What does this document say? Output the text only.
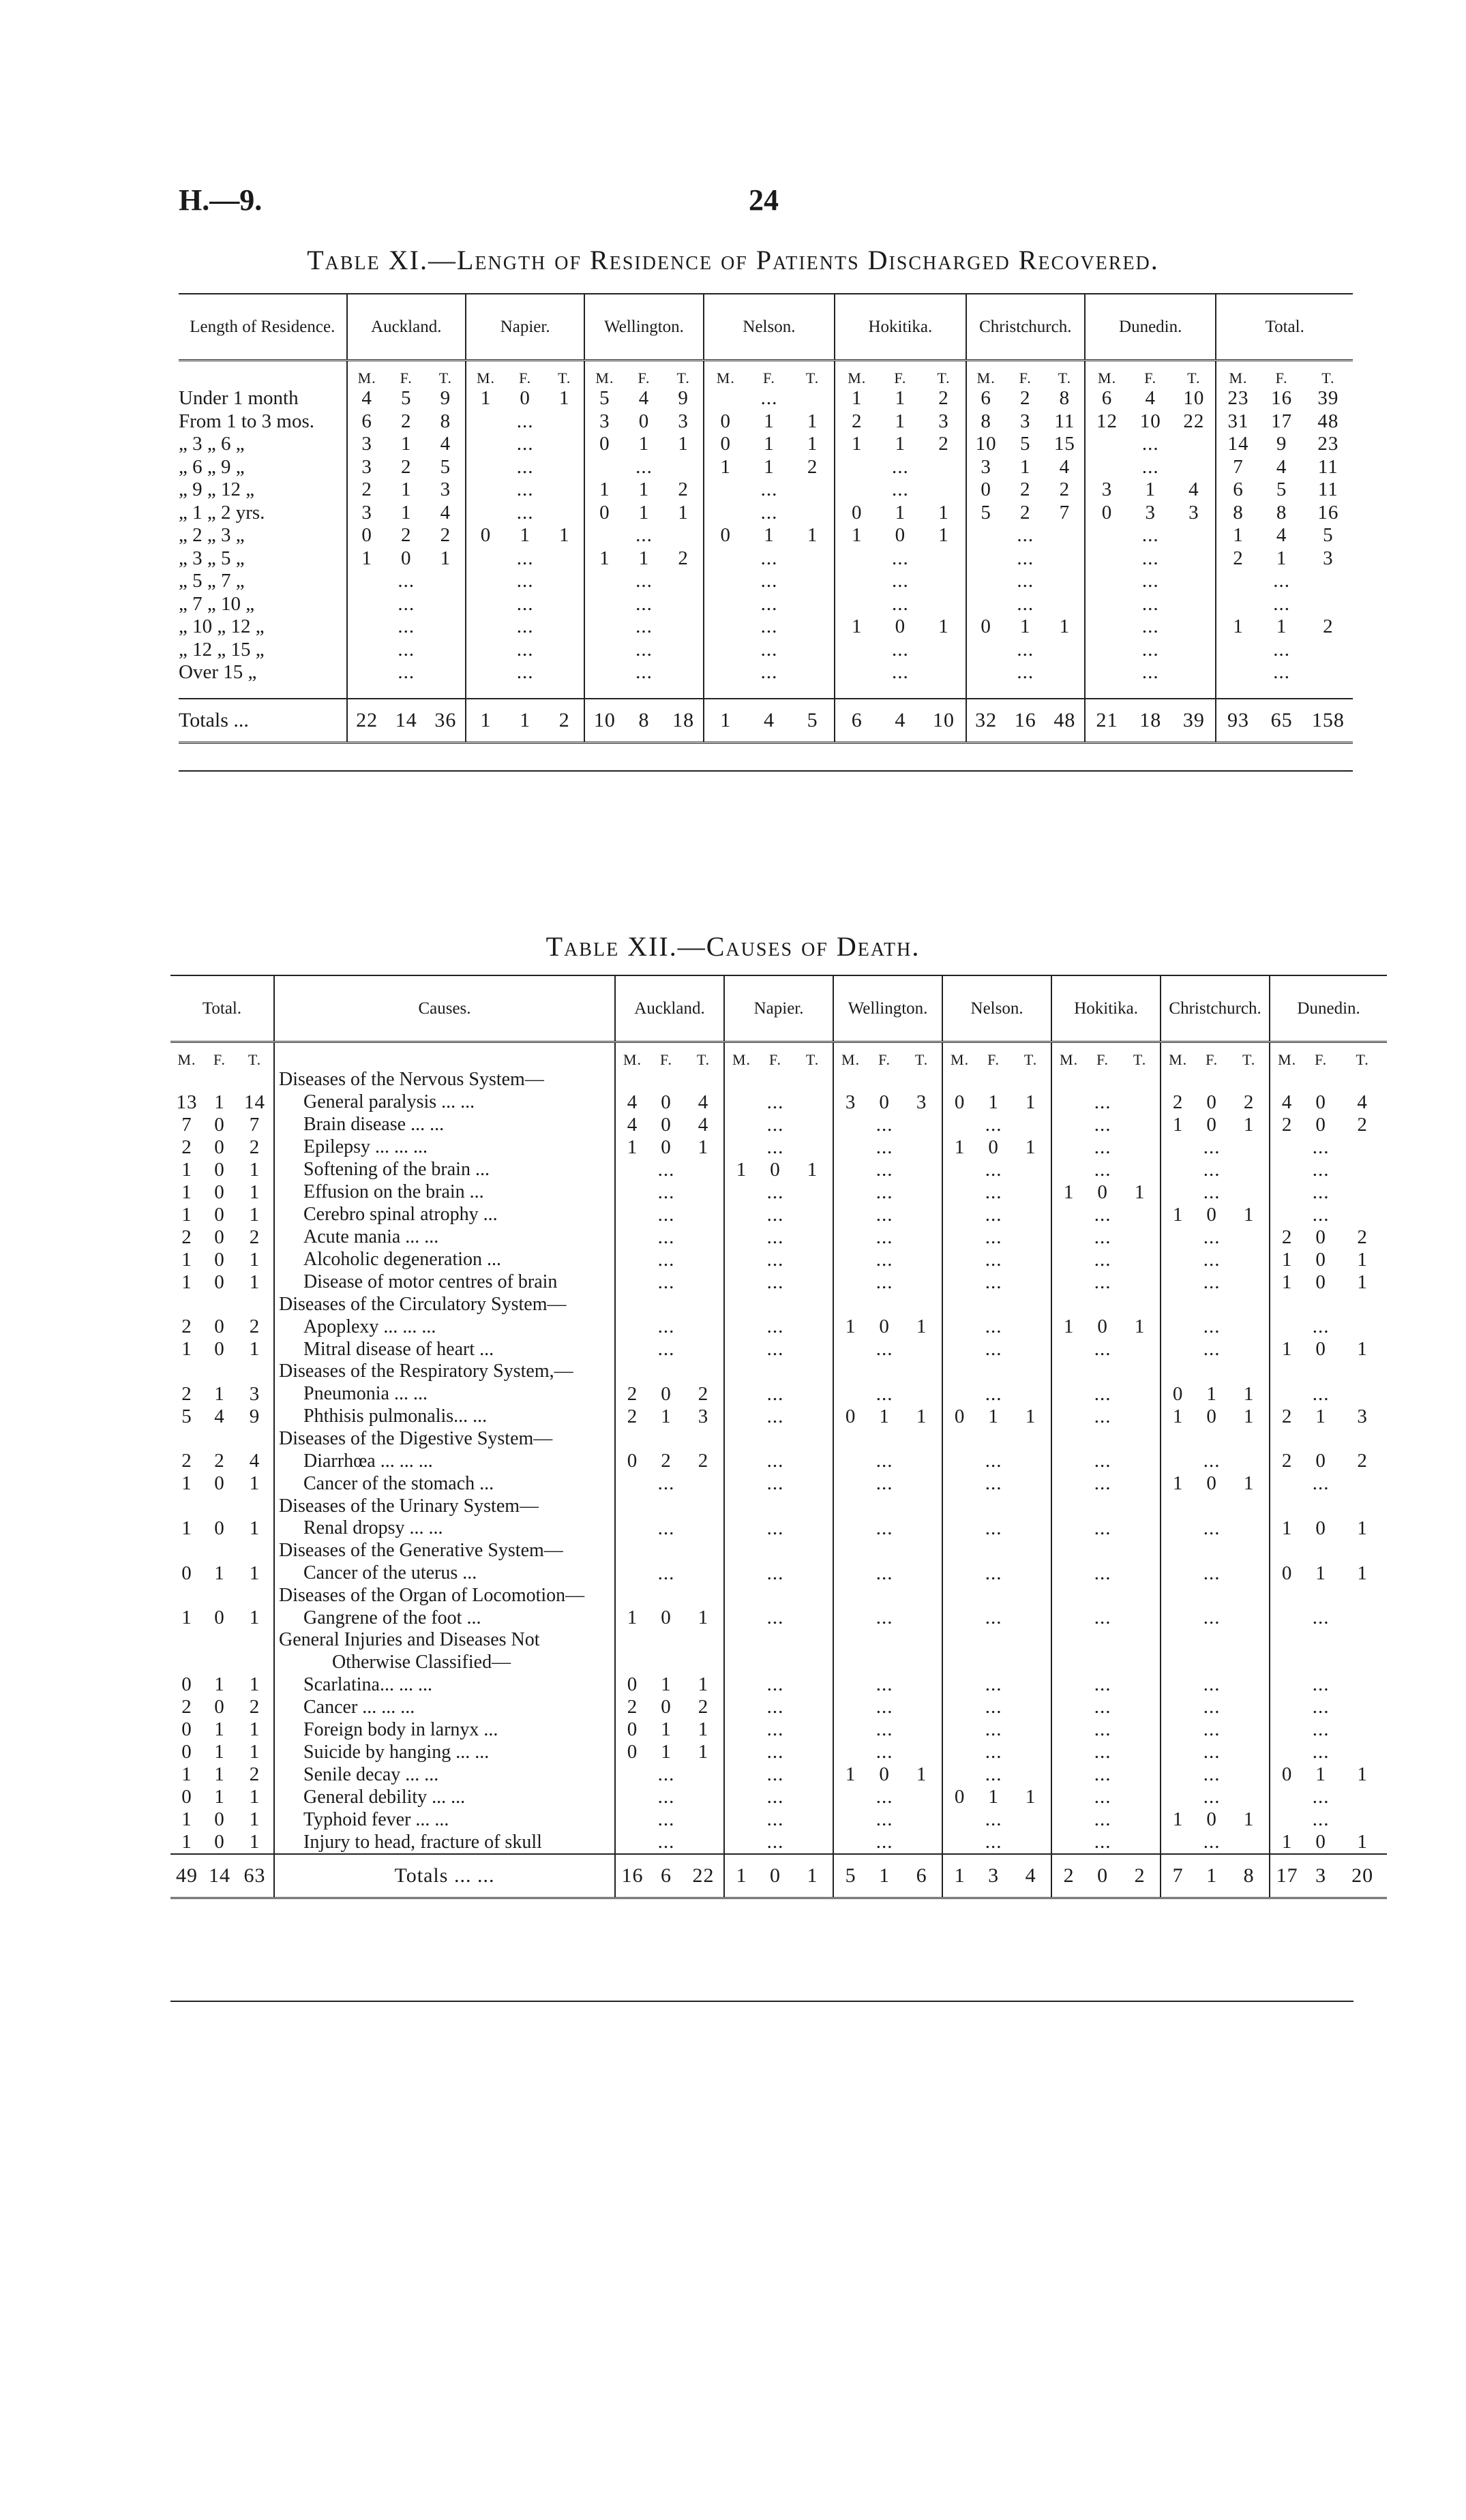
H.—9.	24
Table XI.—Length of Residence of Patients Discharged Recovered.
Length of Residence.	Auckland.			Napier.			Wellington.			Nelson.			Hokitika.			Christchurch.			Dunedin.			Total.		
	M.	F.	T.	M.	F.	T.	M.	F.	T.	M.	F.	T.	M.	F.	T.	M.	F.	T.	M.	F.	T.	M.	F.	T.
Under 1 month	4	5	9	1	0	1	5	4	9		...		1	1	2	6	2	8	6	4	10	23	16	39
From 1 to 3 mos.	6	2	8		...		3	0	3	0	1	1	2	1	3	8	3	11	12	10	22	31	17	48
„ 3 „ 6 „	3	1	4		...		0	1	1	0	1	1	1	1	2	10	5	15		...		14	9	23
„ 6 „ 9 „	3	2	5		...			...		1	1	2		...		3	1	4		...		7	4	11
„ 9 „ 12 „	2	1	3		...		1	1	2		...			...		0	2	2	3	1	4	6	5	11
„ 1 „ 2 yrs.	3	1	4		...		0	1	1		...		0	1	1	5	2	7	0	3	3	8	8	16
„ 2 „ 3 „	0	2	2	0	1	1		...		0	1	1	1	0	1		...			...		1	4	5
„ 3 „ 5 „	1	0	1		...		1	1	2		...			...			...			...		2	1	3
„ 5 „ 7 „		...			...			...			...			...			...			...			...	
„ 7 „ 10 „		...			...			...			...			...			...			...			...	
„ 10 „ 12 „		...			...			...			...		1	0	1	0	1	1		...		1	1	2
„ 12 „ 15 „		...			...			...			...			...			...			...			...	
Over 15 „		...			...			...			...			...			...			...			...	

Totals ...	22	14	36	1	1	2	10	8	18	1	4	5	6	4	10	32	16	48	21	18	39	93	65	158
Table XII.—Causes of Death.
Total.			Causes.	Auckland.			Napier.			Wellington.			Nelson.			Hokitika.			Christchurch.			Dunedin.		
M.	F.	T.		M.	F.	T.	M.	F.	T.	M.	F.	T.	M.	F.	T.	M.	F.	T.	M.	F.	T.	M.	F.	T.
			Diseases of the Nervous System—																					
13	1	14	General paralysis ... ...	4	0	4		...		3	0	3	0	1	1		...		2	0	2	4	0	4
7	0	7	Brain disease ... ...	4	0	4		...			...			...			...		1	0	1	2	0	2
2	0	2	Epilepsy ... ... ...	1	0	1		...			...		1	0	1		...			...			...	
1	0	1	Softening of the brain ...		...		1	0	1		...			...			...			...			...	
1	0	1	Effusion on the brain ...		...			...			...			...		1	0	1		...			...	
1	0	1	Cerebro spinal atrophy ...		...			...			...			...			...		1	0	1		...	
2	0	2	Acute mania ... ...		...			...			...			...			...			...		2	0	2
1	0	1	Alcoholic degeneration ...		...			...			...			...			...			...		1	0	1
1	0	1	Disease of motor centres of brain		...			...			...			...			...			...		1	0	1
			Diseases of the Circulatory System—																					
2	0	2	Apoplexy ... ... ...		...			...		1	0	1		...		1	0	1		...			...	
1	0	1	Mitral disease of heart ...		...			...			...			...			...			...		1	0	1
			Diseases of the Respiratory System,—																					
2	1	3	Pneumonia ... ...	2	0	2		...			...			...			...		0	1	1		...	
5	4	9	Phthisis pulmonalis... ...	2	1	3		...		0	1	1	0	1	1		...		1	0	1	2	1	3
			Diseases of the Digestive System—																					
2	2	4	Diarrhœa ... ... ...	0	2	2		...			...			...			...			...		2	0	2
1	0	1	Cancer of the stomach ...		...			...			...			...			...		1	0	1		...	
			Diseases of the Urinary System—																					
1	0	1	Renal dropsy ... ...		...			...			...			...			...			...		1	0	1
			Diseases of the Generative System—																					
0	1	1	Cancer of the uterus ...		...			...			...			...			...			...		0	1	1
			Diseases of the Organ of Locomotion—																					
1	0	1	Gangrene of the foot ...	1	0	1		...			...			...			...			...			...	
			General Injuries and Diseases Not																					
			Otherwise Classified—																					
0	1	1	Scarlatina... ... ...	0	1	1		...			...			...			...			...			...	
2	0	2	Cancer ... ... ...	2	0	2		...			...			...			...			...			...	
0	1	1	Foreign body in larnyx ...	0	1	1		...			...			...			...			...			...	
0	1	1	Suicide by hanging ... ...	0	1	1		...			...			...			...			...			...	
1	1	2	Senile decay ... ...		...			...		1	0	1		...			...			...		0	1	1
0	1	1	General debility ... ...		...			...			...		0	1	1		...			...			...	
1	0	1	Typhoid fever ... ...		...			...			...			...			...		1	0	1		...	
1	0	1	Injury to head, fracture of skull		...			...			...			...			...			...		1	0	1
49	14	63	Totals ... ...	16	6	22	1	0	1	5	1	6	1	3	4	2	0	2	7	1	8	17	3	20
